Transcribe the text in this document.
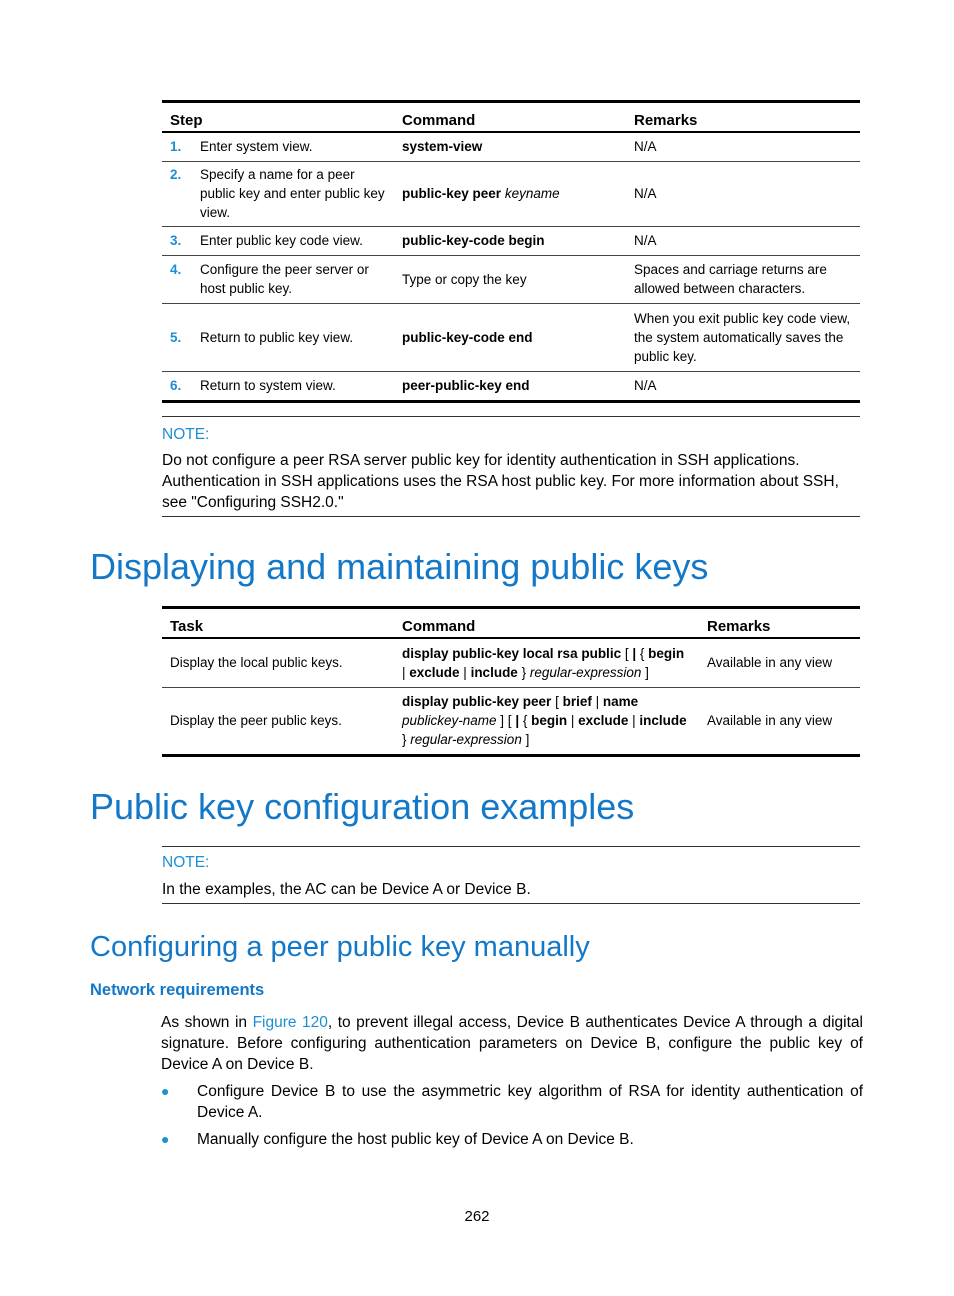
Step	Command	Remarks
1. Enter system view.	system-view	N/A
2. Specify a name for a peer public key and enter public key view.	public-key peer keyname	N/A
3. Enter public key code view.	public-key-code begin	N/A
4. Configure the peer server or host public key.	Type or copy the key	Spaces and carriage returns are allowed between characters.
5. Return to public key view.	public-key-code end	When you exit public key code view, the system automatically saves the public key.
6. Return to system view.	peer-public-key end	N/A
NOTE:
Do not configure a peer RSA server public key for identity authentication in SSH applications. Authentication in SSH applications uses the RSA host public key. For more information about SSH, see "Configuring SSH2.0."
Displaying and maintaining public keys
Task	Command	Remarks
Display the local public keys.	display public-key local rsa public [ | { begin | exclude | include } regular-expression ]	Available in any view
Display the peer public keys.	display public-key peer [ brief | name publickey-name ] [ | { begin | exclude | include } regular-expression ]	Available in any view
Public key configuration examples
NOTE:
In the examples, the AC can be Device A or Device B.
Configuring a peer public key manually
Network requirements
As shown in Figure 120, to prevent illegal access, Device B authenticates Device A through a digital signature. Before configuring authentication parameters on Device B, configure the public key of Device A on Device B.
●	Configure Device B to use the asymmetric key algorithm of RSA for identity authentication of Device A.
●	Manually configure the host public key of Device A on Device B.
262
